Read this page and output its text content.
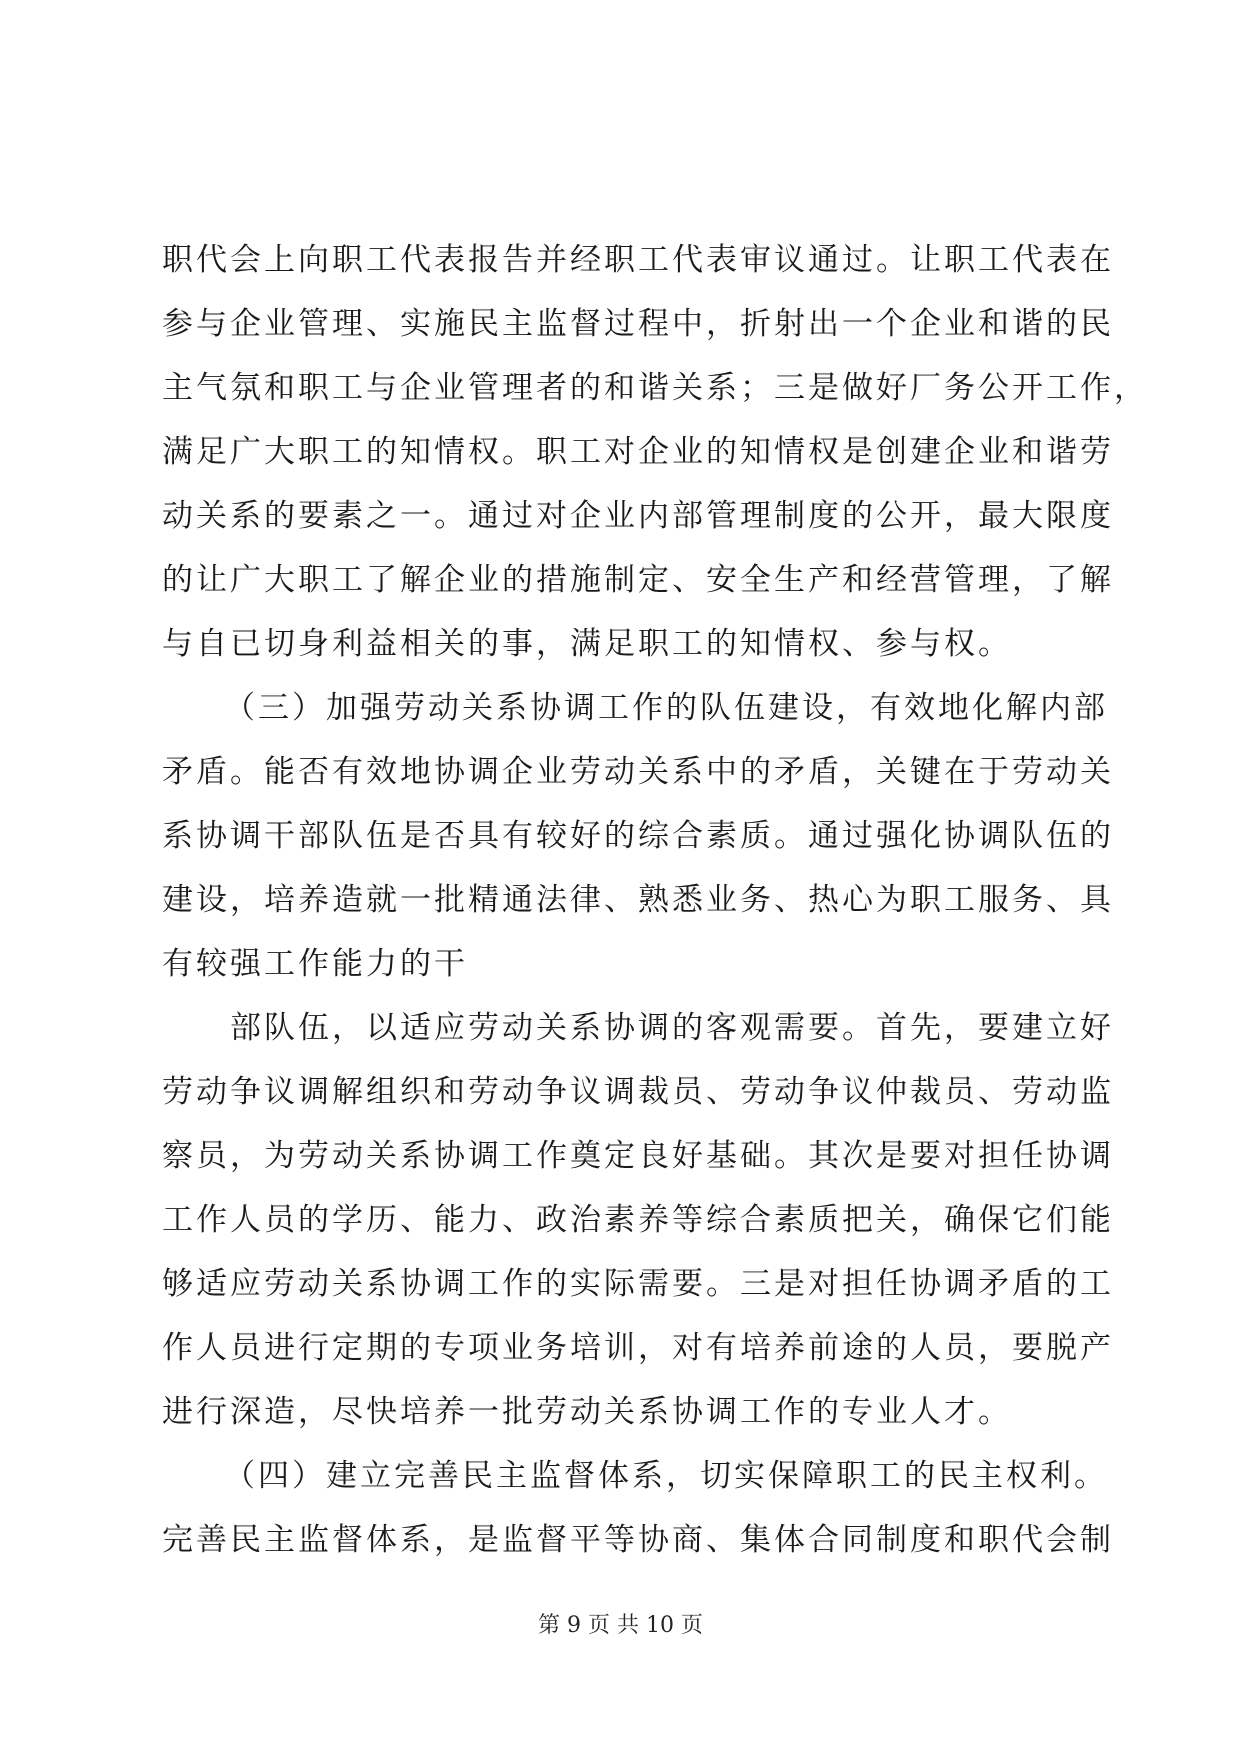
职代会上向职工代表报告并经职工代表审议通过。让职工代表在
参与企业管理、实施民主监督过程中，折射出一个企业和谐的民
主气氛和职工与企业管理者的和谐关系；三是做好厂务公开工作，
满足广大职工的知情权。职工对企业的知情权是创建企业和谐劳
动关系的要素之一。通过对企业内部管理制度的公开，最大限度
的让广大职工了解企业的措施制定、安全生产和经营管理，了解
与自已切身利益相关的事，满足职工的知情权、参与权。
（三）加强劳动关系协调工作的队伍建设，有效地化解内部
矛盾。能否有效地协调企业劳动关系中的矛盾，关键在于劳动关
系协调干部队伍是否具有较好的综合素质。通过强化协调队伍的
建设，培养造就一批精通法律、熟悉业务、热心为职工服务、具
有较强工作能力的干
部队伍，以适应劳动关系协调的客观需要。首先，要建立好
劳动争议调解组织和劳动争议调裁员、劳动争议仲裁员、劳动监
察员，为劳动关系协调工作奠定良好基础。其次是要对担任协调
工作人员的学历、能力、政治素养等综合素质把关，确保它们能
够适应劳动关系协调工作的实际需要。三是对担任协调矛盾的工
作人员进行定期的专项业务培训，对有培养前途的人员，要脱产
进行深造，尽快培养一批劳动关系协调工作的专业人才。
（四）建立完善民主监督体系，切实保障职工的民主权利。
完善民主监督体系，是监督平等协商、集体合同制度和职代会制
第 9 页 共 10 页
